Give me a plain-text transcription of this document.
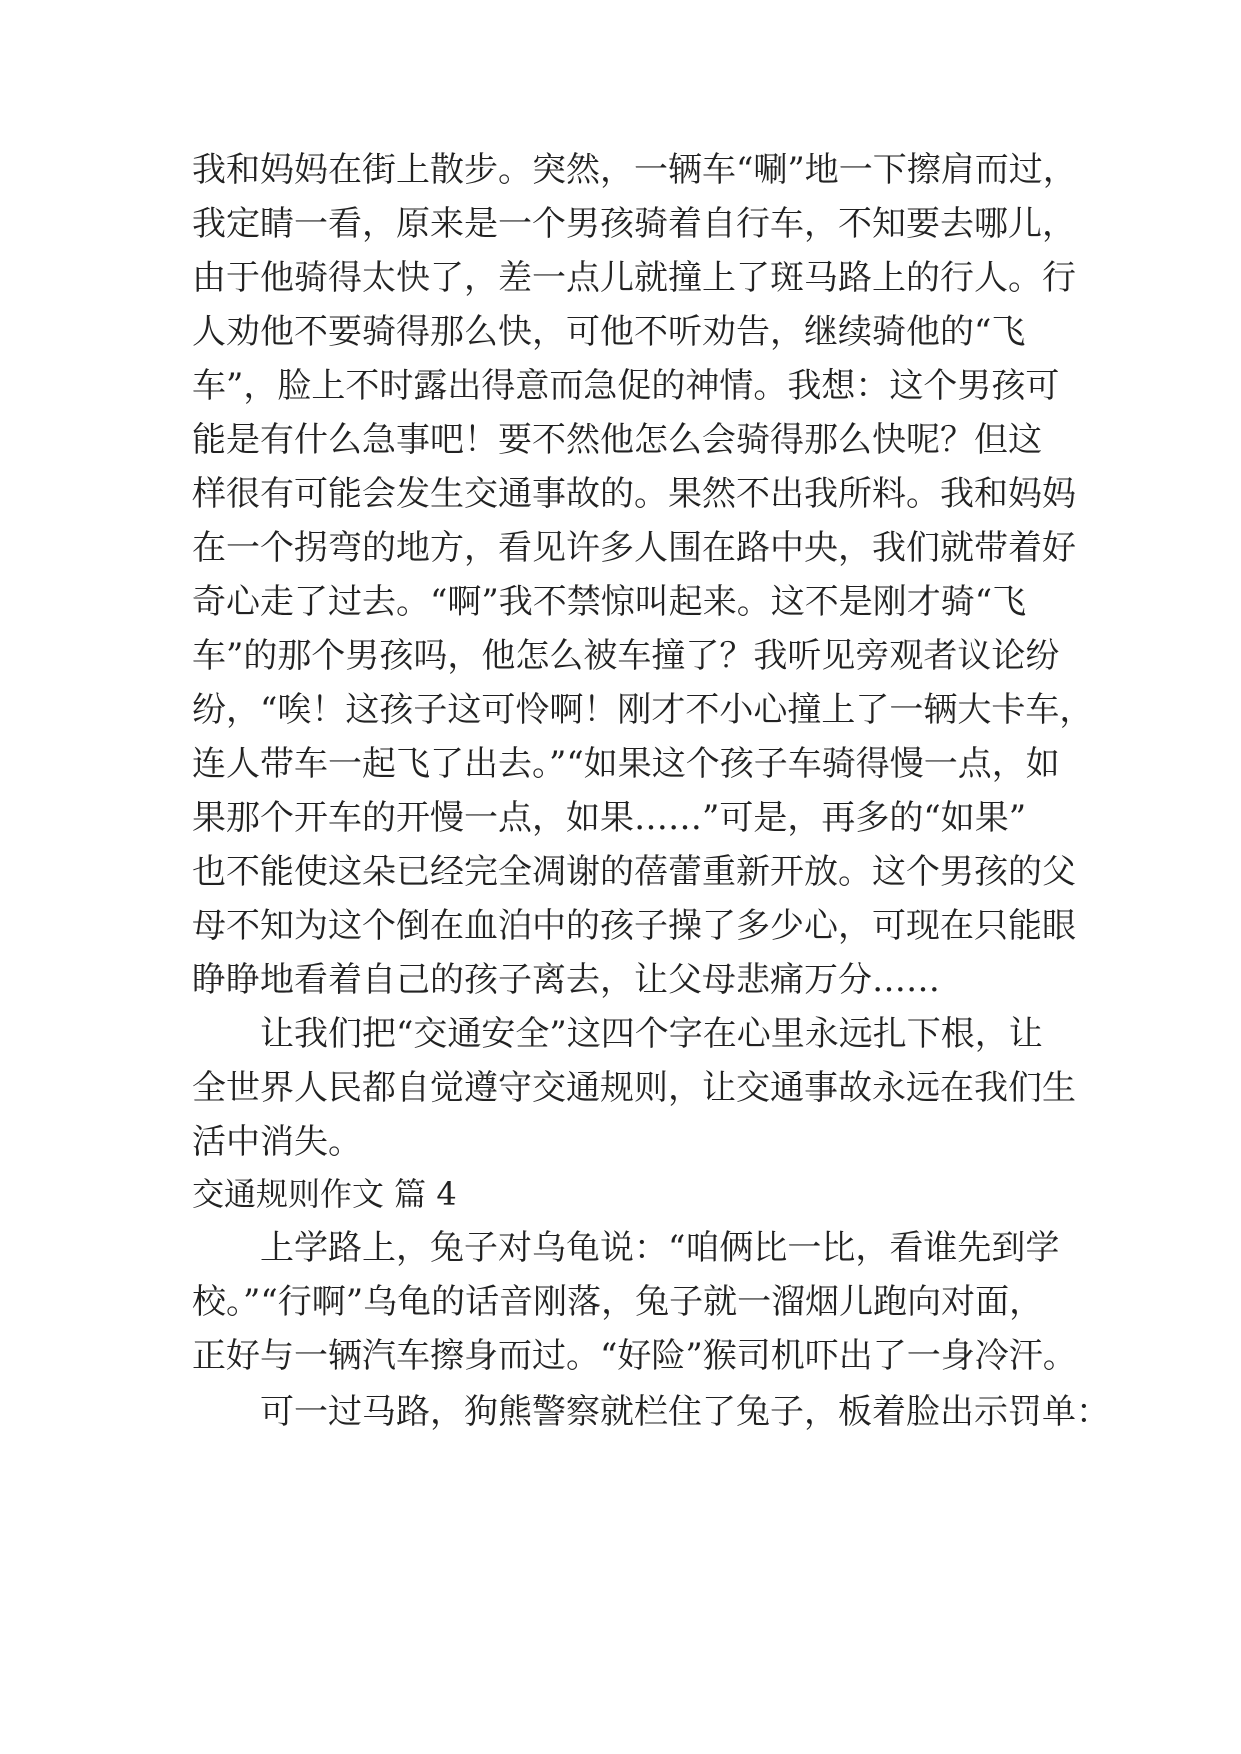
我和妈妈在街上散步。突然，一辆车“唰”地一下擦肩而过，
我定睛一看，原来是一个男孩骑着自行车，不知要去哪儿，
由于他骑得太快了，差一点儿就撞上了斑马路上的行人。行
人劝他不要骑得那么快，可他不听劝告，继续骑他的“飞
车”，脸上不时露出得意而急促的神情。我想：这个男孩可
能是有什么急事吧！要不然他怎么会骑得那么快呢？但这
样很有可能会发生交通事故的。果然不出我所料。我和妈妈
在一个拐弯的地方，看见许多人围在路中央，我们就带着好
奇心走了过去。“啊”我不禁惊叫起来。这不是刚才骑“飞
车”的那个男孩吗，他怎么被车撞了？我听见旁观者议论纷
纷，“唉！这孩子这可怜啊！刚才不小心撞上了一辆大卡车，
连人带车一起飞了出去。”“如果这个孩子车骑得慢一点，如
果那个开车的开慢一点，如果……”可是，再多的“如果”
也不能使这朵已经完全凋谢的蓓蕾重新开放。这个男孩的父
母不知为这个倒在血泊中的孩子操了多少心，可现在只能眼
睁睁地看着自己的孩子离去，让父母悲痛万分……
让我们把“交通安全”这四个字在心里永远扎下根，让
全世界人民都自觉遵守交通规则，让交通事故永远在我们生
活中消失。
交通规则作文 篇 4
上学路上，兔子对乌龟说：“咱俩比一比，看谁先到学
校。”“行啊”乌龟的话音刚落，兔子就一溜烟儿跑向对面，
正好与一辆汽车擦身而过。“好险”猴司机吓出了一身冷汗。
可一过马路，狗熊警察就栏住了兔子，板着脸出示罚单：
